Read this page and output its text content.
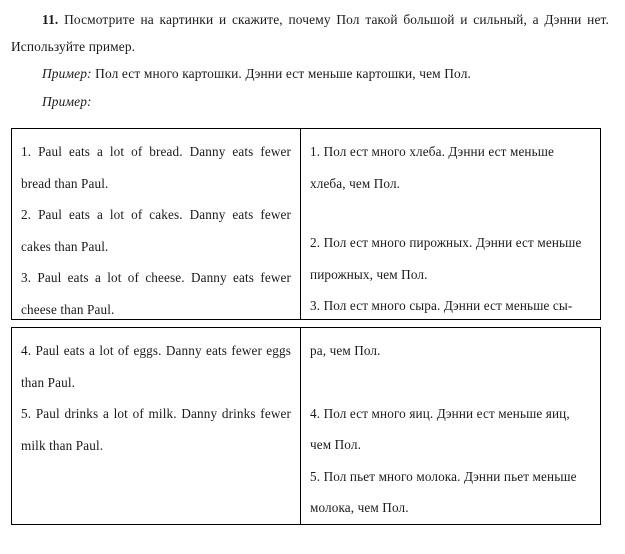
11. Посмотрите на картинки и скажите, почему Пол такой большой и сильный, а Дэнни нет. Используйте пример.

Пример: Пол ест много картошки. Дэнни ест меньше картошки, чем Пол.

Пример:

1. Paul eats a lot of bread. Danny eats fewer bread than Paul.

2. Paul eats a lot of cakes. Danny eats fewer cakes than Paul.

3. Paul eats a lot of cheese. Danny eats fewer cheese than Paul.

1. Пол ест много хлеба. Дэнни ест меньше хлеба, чем Пол.

2. Пол ест много пирожных. Дэнни ест меньше пирожных, чем Пол.

3. Пол ест много сыра. Дэнни ест меньше сы-

4. Paul eats a lot of eggs. Danny eats fewer eggs than Paul.

5. Paul drinks a lot of milk. Danny drinks fewer milk than Paul.

ра, чем Пол.

4. Пол ест много яиц. Дэнни ест меньше яиц, чем Пол.

5. Пол пьет много молока. Дэнни пьет меньше молока, чем Пол.
